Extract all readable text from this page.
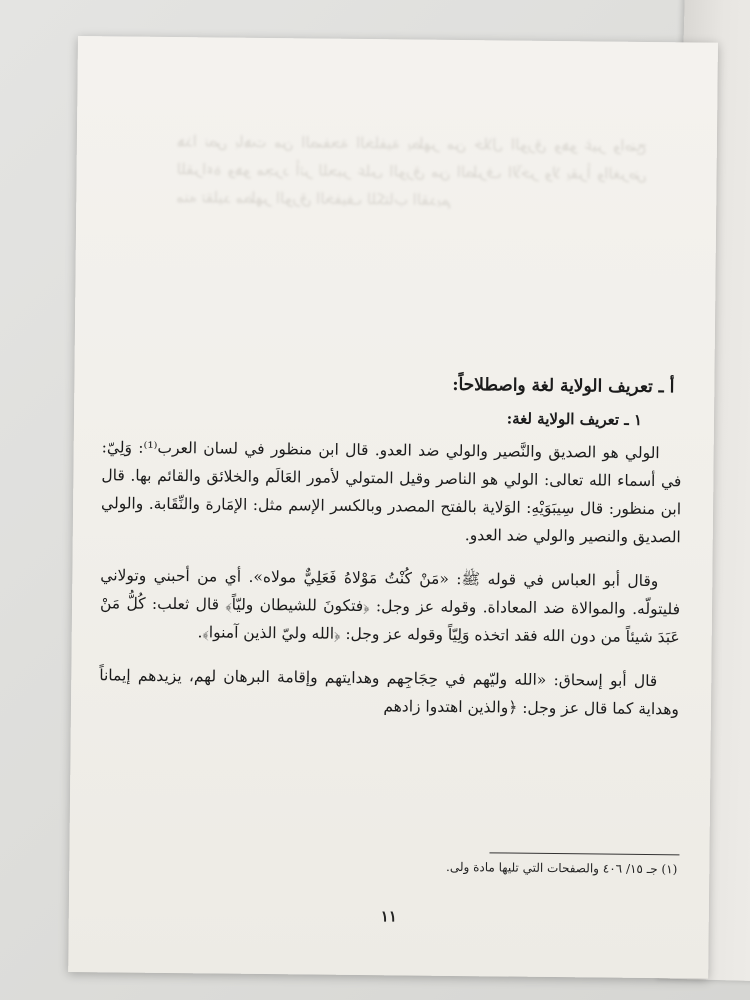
﻿ﻫﺬﺍ ﻧﺺ ﺑﺎﻫﺖ ﻣﻦ ﺍﻟﺼﻔﺤﺔ ﺍﻟﺨﻠﻔﻴﺔ ﻳﻈﻬﺮ ﻣﻦ ﺧﻼﻝ ﺍﻟﻮﺭﻕ ﻭﻫﻮ ﻏﻴﺮ ﻭﺍﺿﺢ ﻟﻠﻘﺮﺍﺀﺓ ﻭﻫﻮ ﻣﺠﺮﺩ ﺃﺛﺮ ﻟﻠﺤﺒﺮ ﻋﻠﻰ ﺍﻟﻮﺭﻕ ﻣﻦ ﺍﻟﻄﺮﻑ ﺍﻵﺧﺮ ﻭﻻ ﻳﻘﺮﺃ ﻭﺍﻟﻐﺮﺽ ﻣﻨﻪ ﺗﻘﻠﻴﺪ ﻣﻈﻬﺮ ﺍﻟﻮﺭﻕ ﺍﻟﺨﻔﻴﻒ ﻟﻠﻜﺘﺎﺏ ﺍﻟﻘﺪﻳﻢ
أ ـ تعريف الولاية لغة واصطلاحاً:
١ ـ تعريف الولاية لغة:

الولي هو الصديق والنَّصير والولي ضد العدو. قال ابن منظور في لسان العرب⁽¹⁾: وَلِيّ: في أسماء الله تعالى: الولي هو الناصر وقيل المتولي لأمور العَالَم والخلائق والقائم بها. قال ابن منظور: قال سِيبَوَيْهِ: الوَلاية بالفتح المصدر وبالكسر الإسم مثل: الإمَارة والنِّقَابة. والولي الصديق والنصير والولي ضد العدو.

وقال أبو العباس في قوله ﷺ: «مَنْ كُنْتُ مَوْلاهُ فَعَلِيٌّ مولاه». أي من أحبني وتولاني فليتولّه. والموالاة ضد المعاداة. وقوله عز وجل: ﴿فتكونَ للشيطان وليّاً﴾ قال ثعلب: كُلُّ مَنْ عَبَدَ شيئاً من دون الله فقد اتخذه وَلِيّاً وقوله عز وجل: ﴿الله وليّ الذين آمنوا﴾.

قال أبو إسحاق: «الله وليّهم في حِجَاجِهم وهدايتهم وإقامة البرهان لهم، يزيدهم إيماناً وهداية كما قال عز وجل: ﴿والذين اهتدوا زادهم

(١) جـ ١٥/ ٤٠٦ والصفحات التي تليها مادة ولى.
١١
